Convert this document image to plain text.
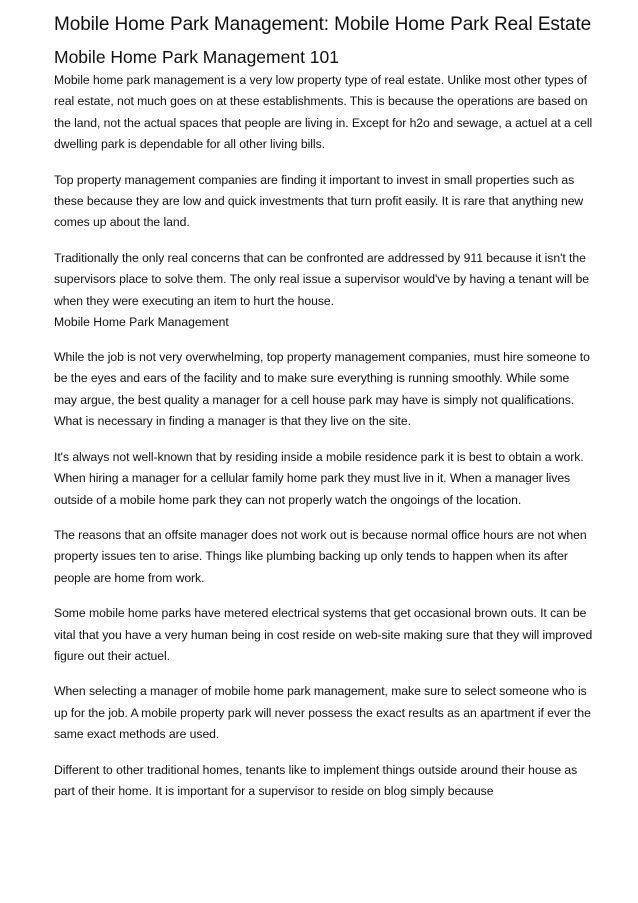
Mobile Home Park Management: Mobile Home Park Real Estate
Mobile Home Park Management 101

Mobile home park management is a very low property type of real estate. Unlike most other types of real estate, not much goes on at these establishments. This is because the operations are based on the land, not the actual spaces that people are living in. Except for h2o and sewage, a actuel at a cell dwelling park is dependable for all other living bills.

Top property management companies are finding it important to invest in small properties such as these because they are low and quick investments that turn profit easily. It is rare that anything new comes up about the land.

Traditionally the only real concerns that can be confronted are addressed by 911 because it isn't the supervisors place to solve them. The only real issue a supervisor would've by having a tenant will be when they were executing an item to hurt the house.

Mobile Home Park Management

While the job is not very overwhelming, top property management companies, must hire someone to be the eyes and ears of the facility and to make sure everything is running smoothly. While some may argue, the best quality a manager for a cell house park may have is simply not qualifications. What is necessary in finding a manager is that they live on the site.

It's always not well-known that by residing inside a mobile residence park it is best to obtain a work. When hiring a manager for a cellular family home park they must live in it. When a manager lives outside of a mobile home park they can not properly watch the ongoings of the location.

The reasons that an offsite manager does not work out is because normal office hours are not when property issues ten to arise. Things like plumbing backing up only tends to happen when its after people are home from work.

Some mobile home parks have metered electrical systems that get occasional brown outs. It can be vital that you have a very human being in cost reside on web-site making sure that they will improved figure out their actuel.

When selecting a manager of mobile home park management, make sure to select someone who is up for the job. A mobile property park will never possess the exact results as an apartment if ever the same exact methods are used.

Different to other traditional homes, tenants like to implement things outside around their house as part of their home. It is important for a supervisor to reside on blog simply because
